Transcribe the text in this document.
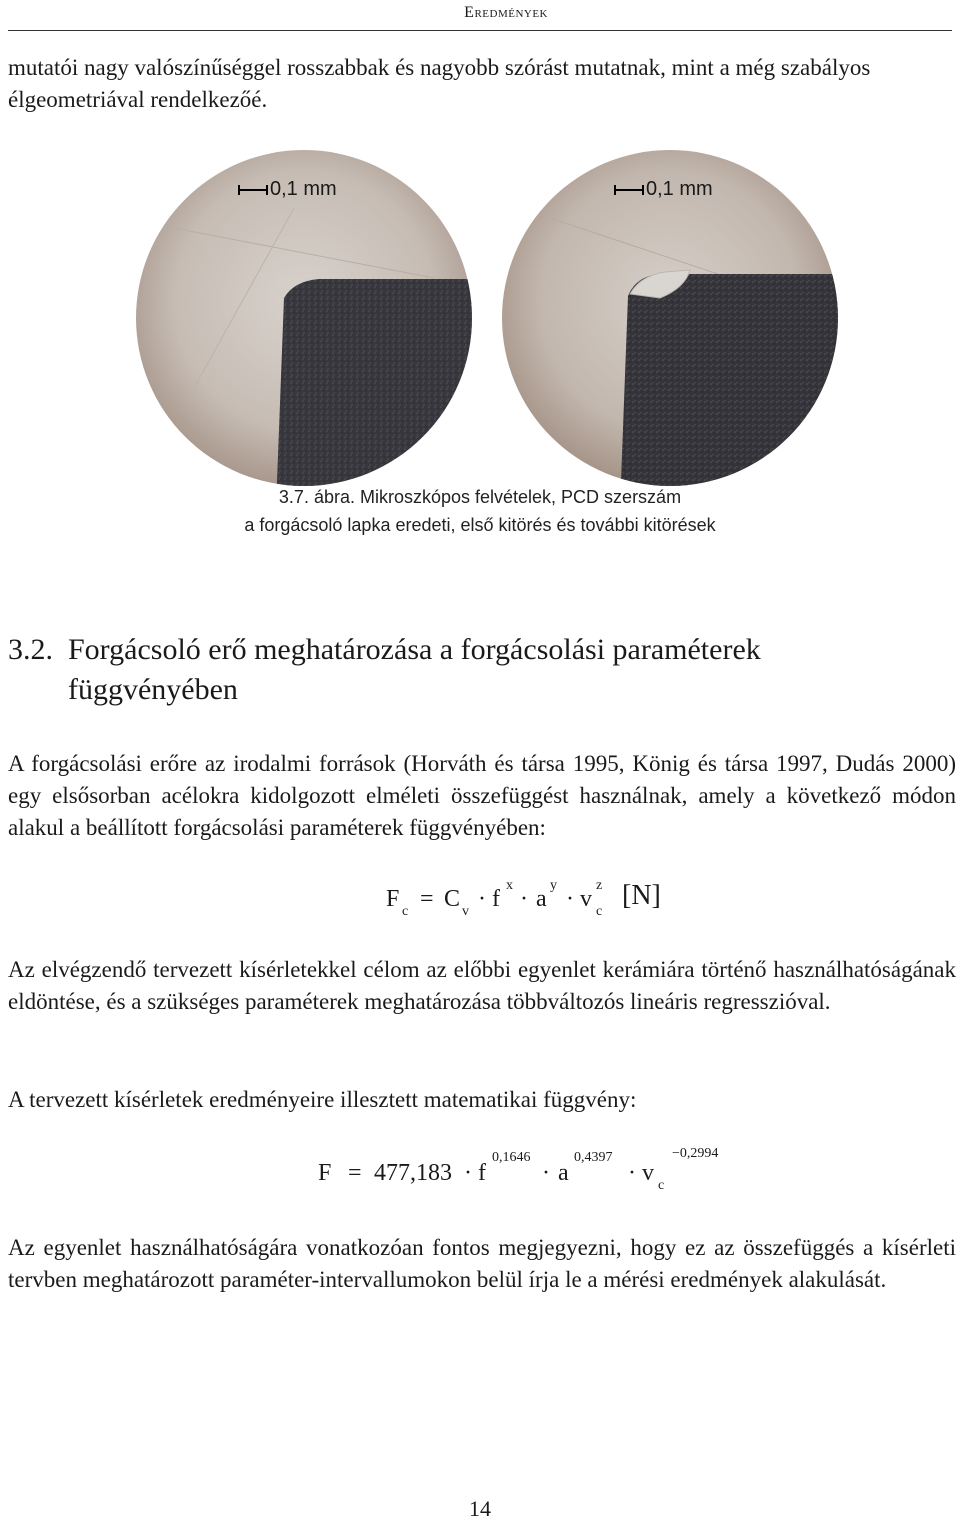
Eredmények

mutatói nagy valószínűséggel rosszabbak és nagyobb szórást mutatnak, mint a még szabályos élgeometriával rendelkezőé.

0,1 mm	0,1 mm
3.7. ábra. Mikroszkópos felvételek, PCD szerszám
a forgácsoló lapka eredeti, első kitörés és további kitörések
3.2. Forgácsoló erő meghatározása a forgácsolási paraméterek
függvényében

A forgácsolási erőre az irodalmi források (Horváth és társa 1995, König és társa 1997, Dudás 2000) egy elsősorban acélokra kidolgozott elméleti összefüggést használnak, amely a következő módon alakul a beállított forgácsolási paraméterek függvényében:

F c = C v · f
x
· a
y
· v
z
c
[N]

Az elvégzendő tervezett kísérletekkel célom az előbbi egyenlet kerámiára történő használhatóságának eldöntése, és a szükséges paraméterek meghatározása többváltozós lineáris regresszióval.

A tervezett kísérletek eredményeire illesztett matematikai függvény:

F = 477,183 · f
0,1646
· a
0,4397
· v c
−0,2994

Az egyenlet használhatóságára vonatkozóan fontos megjegyezni, hogy ez az összefüggés a kísérleti tervben meghatározott paraméter-intervallumokon belül írja le a mérési eredmények alakulását.

14
